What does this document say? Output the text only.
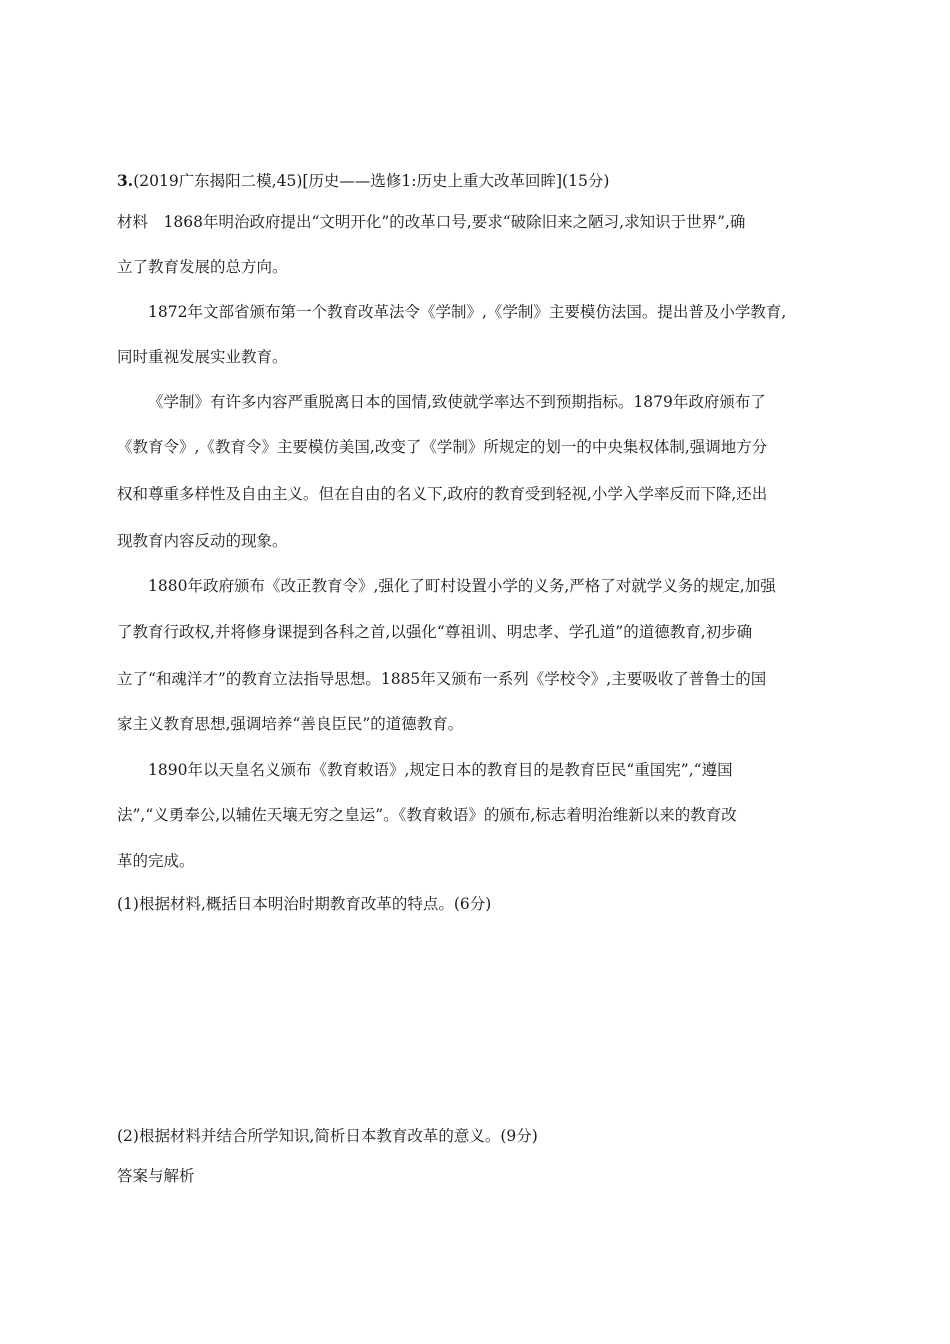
3.(2019广东揭阳二模,45)[历史——选修1:历史上重大改革回眸](15分)
材料　1868年明治政府提出“文明开化”的改革口号,要求“破除旧来之陋习,求知识于世界”,确
立了教育发展的总方向。
1872年文部省颁布第一个教育改革法令《学制》,《学制》主要模仿法国。提出普及小学教育,
同时重视发展实业教育。
《学制》有许多内容严重脱离日本的国情,致使就学率达不到预期指标。1879年政府颁布了
《教育令》,《教育令》主要模仿美国,改变了《学制》所规定的划一的中央集权体制,强调地方分
权和尊重多样性及自由主义。但在自由的名义下,政府的教育受到轻视,小学入学率反而下降,还出
现教育内容反动的现象。
1880年政府颁布《改正教育令》,强化了町村设置小学的义务,严格了对就学义务的规定,加强
了教育行政权,并将修身课提到各科之首,以强化“尊祖训、明忠孝、学孔道”的道德教育,初步确
立了“和魂洋才”的教育立法指导思想。1885年又颁布一系列《学校令》,主要吸收了普鲁士的国
家主义教育思想,强调培养“善良臣民”的道德教育。
1890年以天皇名义颁布《教育敕语》,规定日本的教育目的是教育臣民“重国宪”,“遵国
法”,“义勇奉公,以辅佐天壤无穷之皇运”。《教育敕语》的颁布,标志着明治维新以来的教育改
革的完成。
(1)根据材料,概括日本明治时期教育改革的特点。(6分)
(2)根据材料并结合所学知识,简析日本教育改革的意义。(9分)
答案与解析
